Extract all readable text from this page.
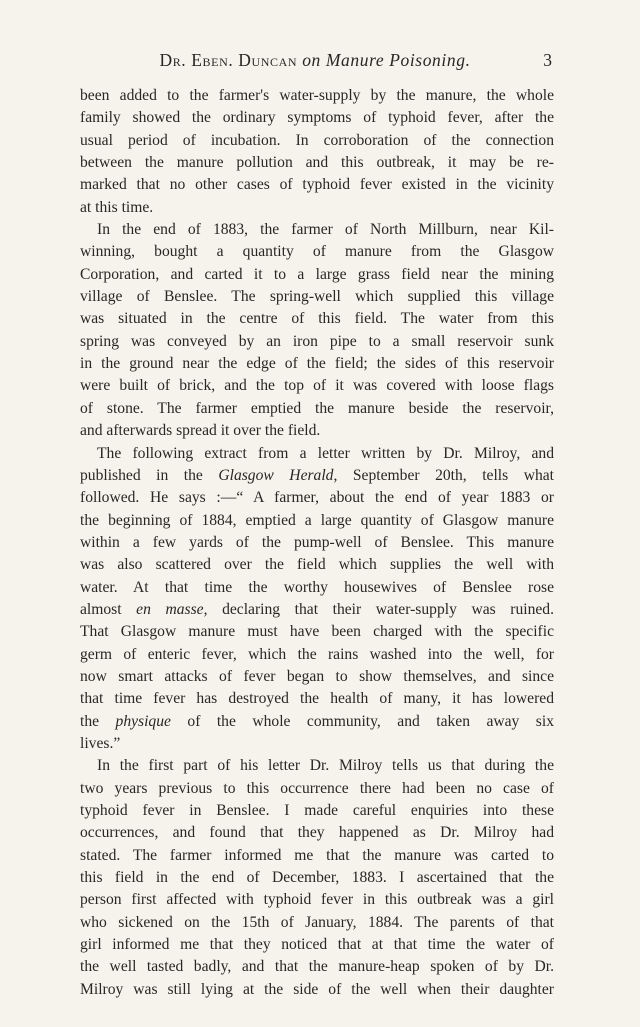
Dr. Eben. Duncan on Manure Poisoning.	3
been added to the farmer's water-supply by the manure, the whole
family showed the ordinary symptoms of typhoid fever, after the
usual period of incubation. In corroboration of the connection
between the manure pollution and this outbreak, it may be re-
marked that no other cases of typhoid fever existed in the vicinity
at this time.
In the end of 1883, the farmer of North Millburn, near Kil-
winning, bought a quantity of manure from the Glasgow
Corporation, and carted it to a large grass field near the mining
village of Benslee. The spring-well which supplied this village
was situated in the centre of this field. The water from this
spring was conveyed by an iron pipe to a small reservoir sunk
in the ground near the edge of the field; the sides of this reservoir
were built of brick, and the top of it was covered with loose flags
of stone. The farmer emptied the manure beside the reservoir,
and afterwards spread it over the field.
The following extract from a letter written by Dr. Milroy, and
published in the Glasgow Herald, September 20th, tells what
followed. He says :—“ A farmer, about the end of year 1883 or
the beginning of 1884, emptied a large quantity of Glasgow manure
within a few yards of the pump-well of Benslee. This manure
was also scattered over the field which supplies the well with
water. At that time the worthy housewives of Benslee rose
almost en masse, declaring that their water-supply was ruined.
That Glasgow manure must have been charged with the specific
germ of enteric fever, which the rains washed into the well, for
now smart attacks of fever began to show themselves, and since
that time fever has destroyed the health of many, it has lowered
the physique of the whole community, and taken away six
lives.”
In the first part of his letter Dr. Milroy tells us that during the
two years previous to this occurrence there had been no case of
typhoid fever in Benslee. I made careful enquiries into these
occurrences, and found that they happened as Dr. Milroy had
stated. The farmer informed me that the manure was carted to
this field in the end of December, 1883. I ascertained that the
person first affected with typhoid fever in this outbreak was a girl
who sickened on the 15th of January, 1884. The parents of that
girl informed me that they noticed that at that time the water of
the well tasted badly, and that the manure-heap spoken of by Dr.
Milroy was still lying at the side of the well when their daughter
